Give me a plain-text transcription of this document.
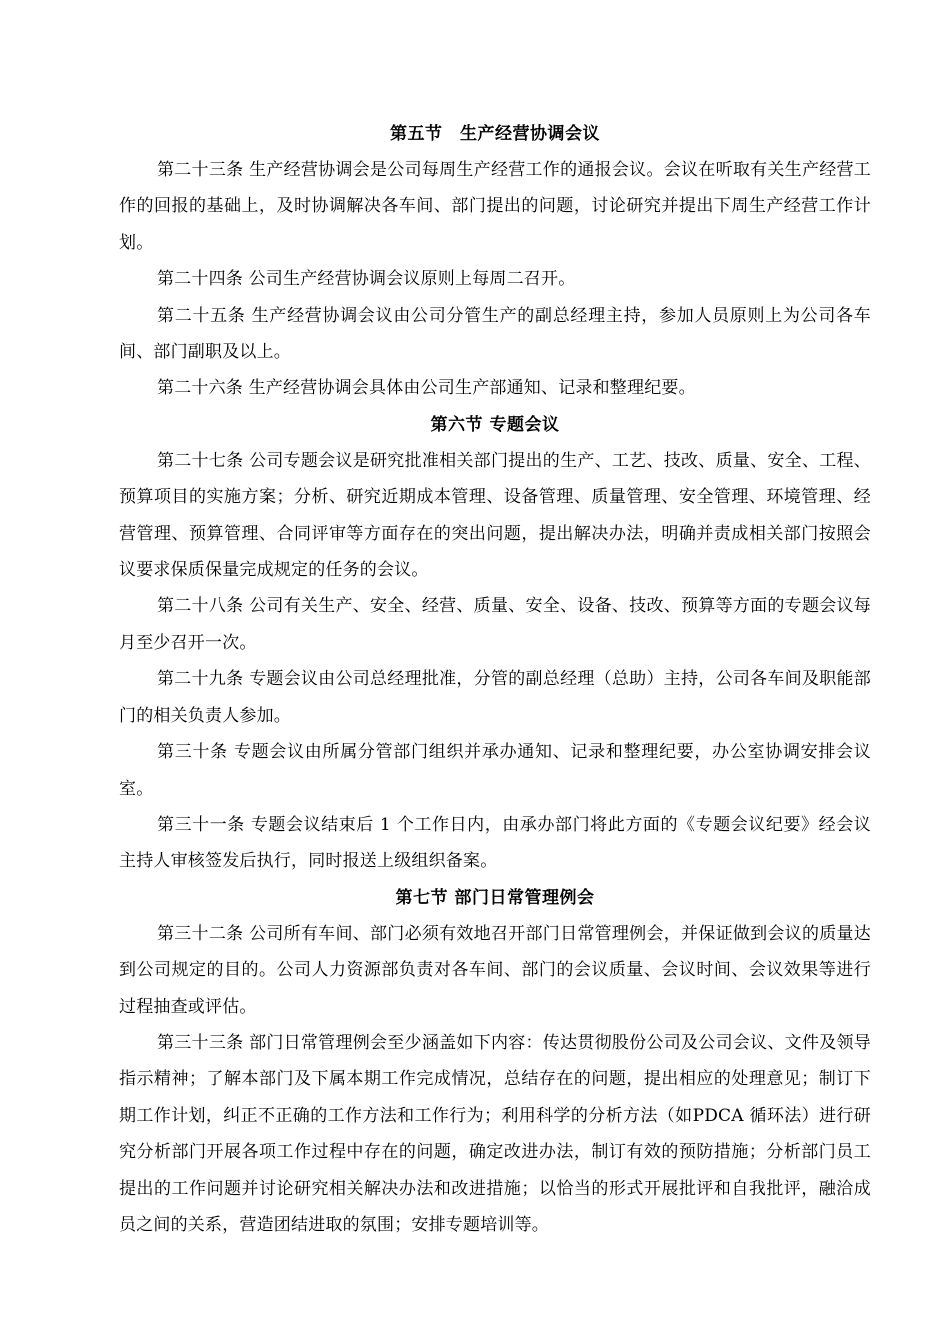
第五节　生产经营协调会议

第二十三条 生产经营协调会是公司每周生产经营工作的通报会议。会议在听取有关生产经营工作的回报的基础上，及时协调解决各车间、部门提出的问题，讨论研究并提出下周生产经营工作计划。

第二十四条 公司生产经营协调会议原则上每周二召开。

第二十五条 生产经营协调会议由公司分管生产的副总经理主持，参加人员原则上为公司各车间、部门副职及以上。

第二十六条 生产经营协调会具体由公司生产部通知、记录和整理纪要。

第六节 专题会议

第二十七条 公司专题会议是研究批准相关部门提出的生产、工艺、技改、质量、安全、工程、预算项目的实施方案；分析、研究近期成本管理、设备管理、质量管理、安全管理、环境管理、经营管理、预算管理、合同评审等方面存在的突出问题，提出解决办法，明确并责成相关部门按照会议要求保质保量完成规定的任务的会议。

第二十八条 公司有关生产、安全、经营、质量、安全、设备、技改、预算等方面的专题会议每月至少召开一次。

第二十九条 专题会议由公司总经理批准，分管的副总经理（总助）主持，公司各车间及职能部门的相关负责人参加。

第三十条 专题会议由所属分管部门组织并承办通知、记录和整理纪要，办公室协调安排会议室。

第三十一条 专题会议结束后 1 个工作日内，由承办部门将此方面的《专题会议纪要》经会议主持人审核签发后执行，同时报送上级组织备案。

第七节 部门日常管理例会

第三十二条 公司所有车间、部门必须有效地召开部门日常管理例会，并保证做到会议的质量达到公司规定的目的。公司人力资源部负责对各车间、部门的会议质量、会议时间、会议效果等进行过程抽查或评估。

第三十三条 部门日常管理例会至少涵盖如下内容：传达贯彻股份公司及公司会议、文件及领导指示精神；了解本部门及下属本期工作完成情况，总结存在的问题，提出相应的处理意见；制订下期工作计划，纠正不正确的工作方法和工作行为；利用科学的分析方法（如PDCA 循环法）进行研究分析部门开展各项工作过程中存在的问题，确定改进办法，制订有效的预防措施；分析部门员工提出的工作问题并讨论研究相关解决办法和改进措施；以恰当的形式开展批评和自我批评，融洽成员之间的关系，营造团结进取的氛围；安排专题培训等。
